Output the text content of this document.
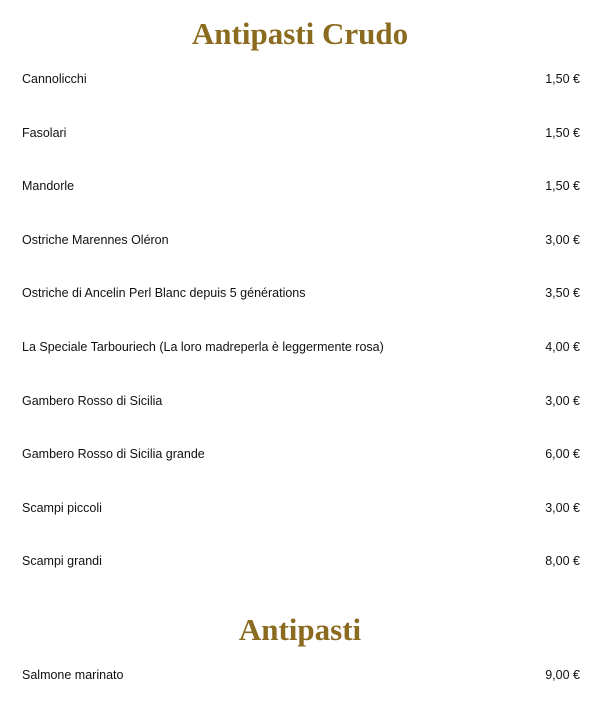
Antipasti Crudo
Cannolicchi	1,50 €
Fasolari	1,50 €
Mandorle	1,50 €
Ostriche Marennes Oléron	3,00 €
Ostriche di Ancelin Perl Blanc depuis 5 générations	3,50 €
La Speciale Tarbouriech (La loro madreperla è leggermente rosa)	4,00 €
Gambero Rosso di Sicilia	3,00 €
Gambero Rosso di Sicilia grande	6,00 €
Scampi piccoli	3,00 €
Scampi grandi	8,00 €
Antipasti
Salmone marinato	9,00 €
